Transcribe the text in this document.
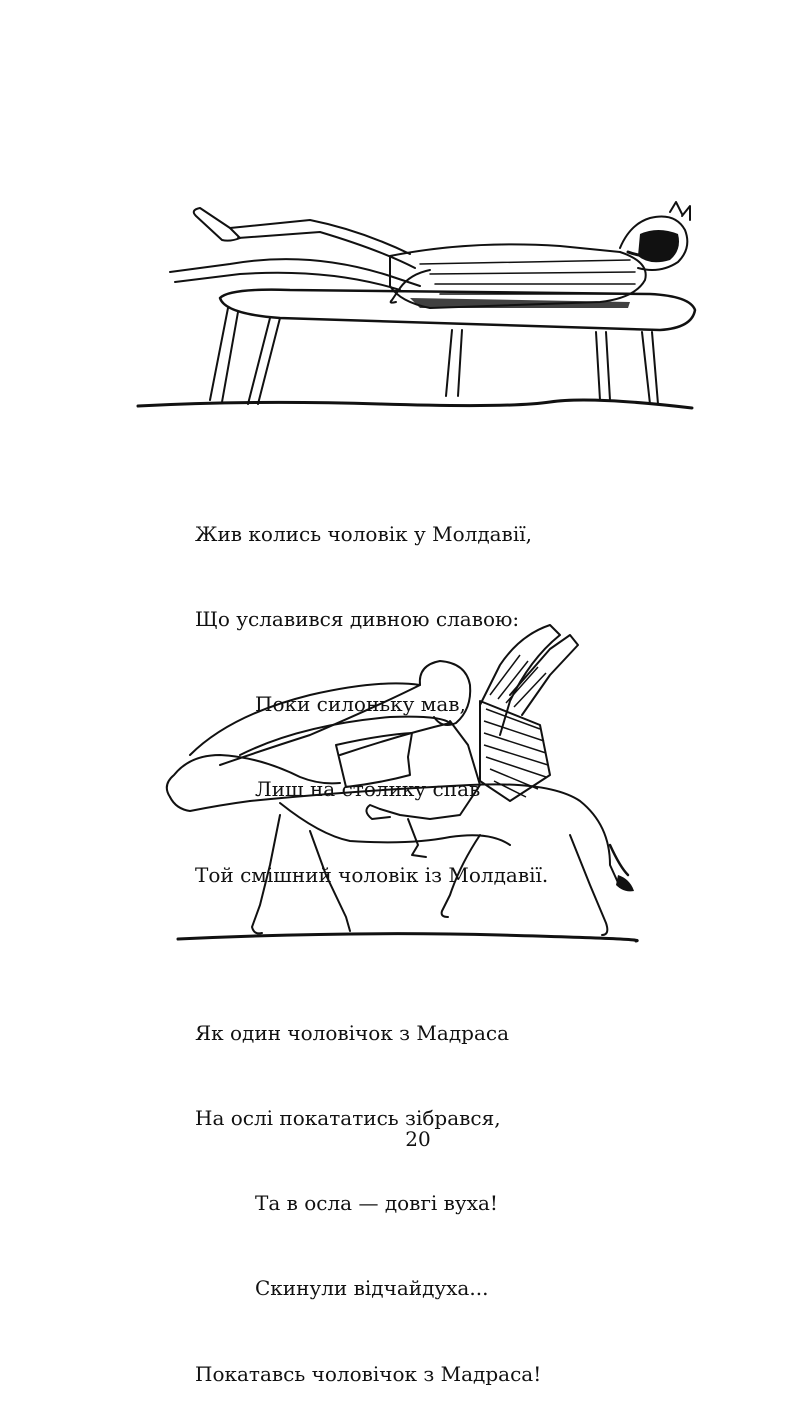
Жив колись чоловік у Молдавії,

Що уславився дивною славою:

Поки силоньку мав,

Лиш на столику спав

Той смішний чоловік із Молдавії.

Як один чоловічок з Мадраса

На ослі покататись зібрався,

Та в осла — довгі вуха!

Скинули відчайдуха...

Покатавсь чоловічок з Мадраса!

20
